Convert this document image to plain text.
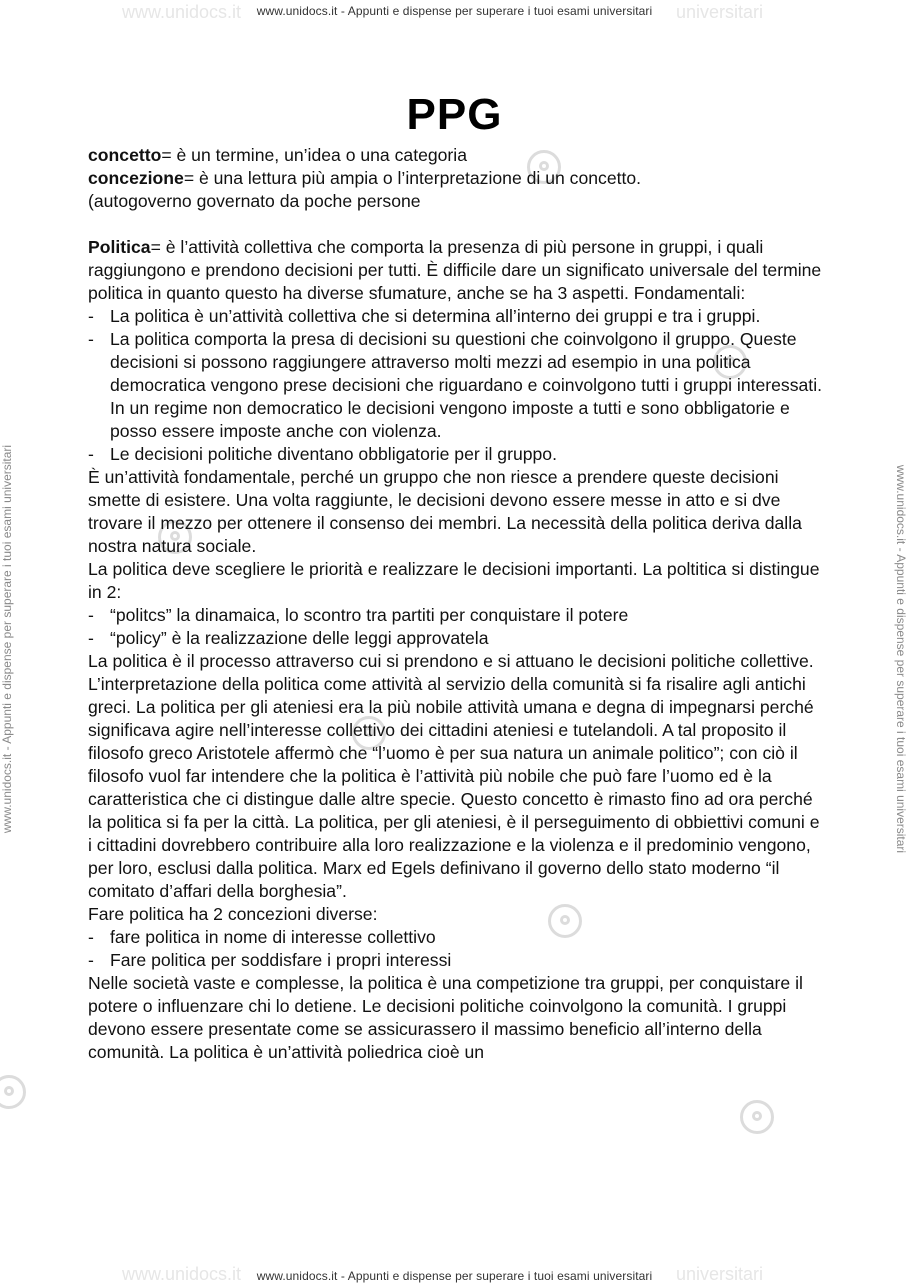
www.unidocs.it	universitari
www.unidocs.it - Appunti e dispense per superare i tuoi esami universitari
www.unidocs.it	universitari
www.unidocs.it - Appunti e dispense per superare i tuoi esami universitari
www.unidocs.it - Appunti e dispense per superare i tuoi esami universitari	www.unidocs.it - Appunti e dispense per superare i tuoi esami universitari
PPG

concetto= è un termine, un’idea o una categoria

concezione= è una lettura più ampia o l’interpretazione di un concetto.

(autogoverno governato da poche persone

Politica= è l’attività collettiva che comporta la presenza di più persone in gruppi, i quali raggiungono e prendono decisioni per tutti. È difficile dare un significato universale del termine politica in quanto questo ha diverse sfumature, anche se ha 3 aspetti. Fondamentali:

- La politica è un’attività collettiva che si determina all’interno dei gruppi e tra i gruppi.

- La politica comporta la presa di decisioni su questioni che coinvolgono il gruppo. Queste decisioni si possono raggiungere attraverso molti mezzi ad esempio in una politica democratica vengono prese decisioni che riguardano e coinvolgono tutti i gruppi interessati. In un regime non democratico le decisioni vengono imposte a tutti e sono obbligatorie e posso essere imposte anche con violenza.

- Le decisioni politiche diventano obbligatorie per il gruppo.

È un’attività fondamentale, perché un gruppo che non riesce a prendere queste decisioni smette di esistere. Una volta raggiunte, le decisioni devono essere messe in atto e si dve trovare il mezzo per ottenere il consenso dei membri. La necessità della politica deriva dalla nostra natura sociale.

La politica deve scegliere le priorità e realizzare le decisioni importanti. La poltitica si distingue in 2:

- “politcs” la dinamaica, lo scontro tra partiti per conquistare il potere

- “policy” è la realizzazione delle leggi approvatela

La politica è il processo attraverso cui si prendono e si attuano le decisioni politiche collettive.

L’interpretazione della politica come attività al servizio della comunità si fa risalire agli antichi greci. La politica per gli ateniesi era la più nobile attività umana e degna di impegnarsi perché significava agire nell’interesse collettivo dei cittadini ateniesi e tutelandoli. A tal proposito il filosofo greco Aristotele affermò che “l’uomo è per sua natura un animale politico”; con ciò il filosofo vuol far intendere che la politica è l’attività più nobile che può fare l’uomo ed è la caratteristica che ci distingue dalle altre specie. Questo concetto è rimasto fino ad ora perché la politica si fa per la città. La politica, per gli ateniesi, è il perseguimento di obbiettivi comuni e i cittadini dovrebbero contribuire alla loro realizzazione e la violenza e il predominio vengono, per loro, esclusi dalla politica. Marx ed Egels definivano il governo dello stato moderno “il comitato d’affari della borghesia”.

Fare politica ha 2 concezioni diverse:

- fare politica in nome di interesse collettivo

- Fare politica per soddisfare i propri interessi

Nelle società vaste e complesse, la politica è una competizione tra gruppi, per conquistare il potere o influenzare chi lo detiene. Le decisioni politiche coinvolgono la comunità. I gruppi devono essere presentate come se assicurassero il massimo beneficio all’interno della comunità. La politica è un’attività poliedrica cioè un
